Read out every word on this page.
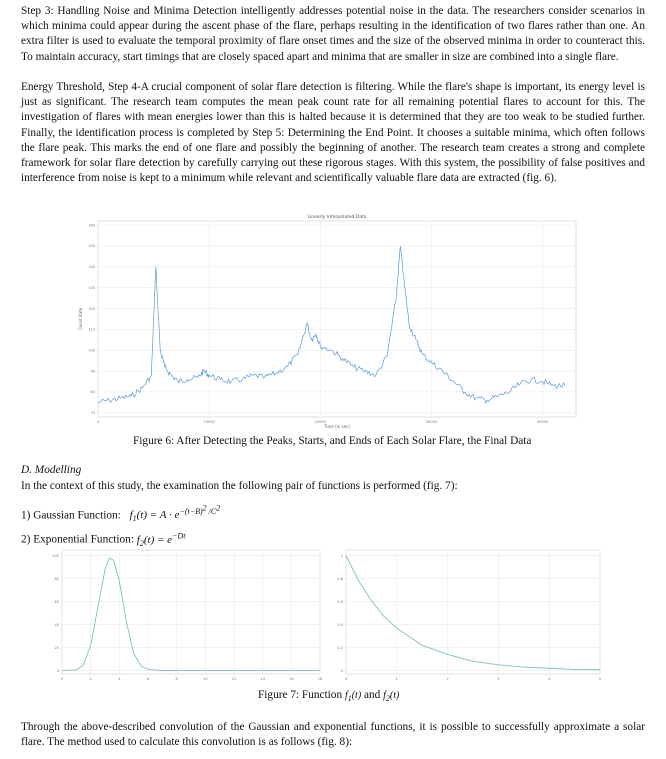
Step 3: Handling Noise and Minima Detection intelligently addresses potential noise in the data. The researchers consider scenarios in which minima could appear during the ascent phase of the flare, perhaps resulting in the identification of two flares rather than one. An extra filter is used to evaluate the temporal proximity of flare onset times and the size of the observed minima in order to counteract this. To maintain accuracy, start timings that are closely spaced apart and minima that are smaller in size are combined into a single flare.

Energy Threshold, Step 4-A crucial component of solar flare detection is filtering. While the flare's shape is important, its energy level is just as significant. The research team computes the mean peak count rate for all remaining potential flares to account for this. The investigation of flares with mean energies lower than this is halted because it is determined that they are too weak to be studied further. Finally, the identification process is completed by Step 5: Determining the End Point. It chooses a suitable minima, which often follows the flare peak. This marks the end of one flare and possibly the beginning of another. The research team creates a strong and complete framework for solar flare detection by carefully carrying out these rigorous stages. With this system, the possibility of false positives and interference from noise is kept to a minimum while relevant and scientifically valuable flare data are extracted (fig. 6).

70
80
90
100
110
120
130
140
150
160
0	10000	20000	30000	40000
Linearly Interpolated Data
Time (in sec)
Count Rate
Figure 6: After Detecting the Peaks, Starts, and Ends of Each Solar Flare, the Final Data
D. Modelling
In the context of this study, the examination the following pair of functions is performed (fig. 7):
1) Gaussian Function: $f_1(t) = A \cdot e^{-(t-B)^2 /C^2}$
2) Exponential Function: $f_2(t) = e^{-Dt}$
0
20
40
60
80
100
0	2	4	6	8	10	12	14	16	18
0
0.2
0.4
0.6
0.8
1
0	1	2	3	4	5
Figure 7: Function $f_1(t)$ and $f_2(t)$

Through the above-described convolution of the Gaussian and exponential functions, it is possible to successfully approximate a solar flare. The method used to calculate this convolution is as follows (fig. 8):
